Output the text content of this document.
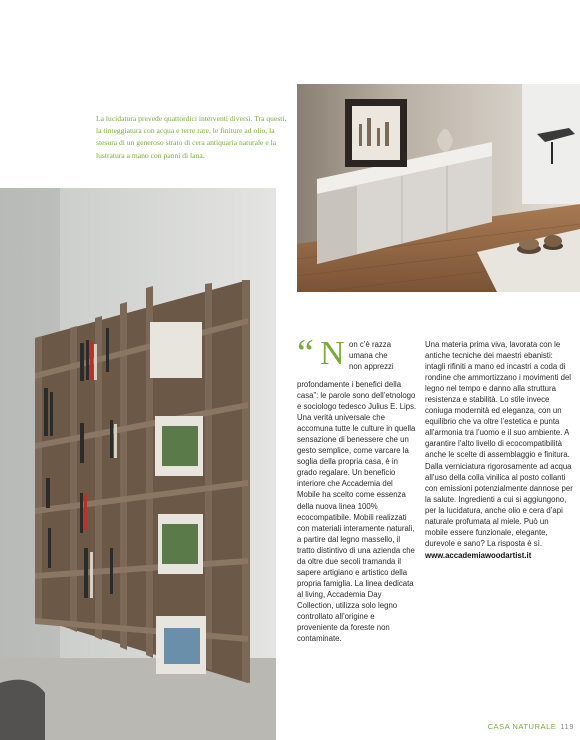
La lucidatura prevede quattordici interventi diversi. Tra questi, la tinteggiatura con acqua e terre rare, le finiture ad olio, la stesura di un generoso strato di cera antiquaria naturale e la lustratura a mano con panni di lana.

“ N on c’è razza
umana che
non apprezzi

profondamente i benefici della casa”: le parole sono dell’etnologo e sociologo tedesco Julius E. Lips. Una verità universale che accomuna tutte le culture in quella sensazione di benessere che un gesto semplice, come varcare la soglia della propria casa, è in grado regalare. Un beneficio interiore che Accademia del Mobile ha scelto come essenza della nuova linea 100% ecocompatibile. Mobili realizzati con materiali interamente naturali, a partire dal legno massello, il tratto distintivo di una azienda che da oltre due secoli tramanda il sapere artigiano e artistico della propria famiglia. La linea dedicata al living, Accademia Day Collection, utilizza solo legno controllato all’origine e proveniente da foreste non contaminate.

Una materia prima viva, lavorata con le antiche tecniche dei maestri ebanisti: intagli rifiniti a mano ed incastri a coda di rondine che ammortizzano i movimenti del legno nel tempo e danno alla struttura resistenza e stabilità. Lo stile invece coniuga modernità ed eleganza, con un equilibrio che va oltre l’estetica e punta all’armonia tra l’uomo e il suo ambiente. A garantire l’alto livello di ecocompatibilità anche le scelte di assemblaggio e finitura. Dalla verniciatura rigorosamente ad acqua all’uso della colla vinilica al posto collanti con emissioni potenzialmente dannose per la salute. Ingredienti a cui si aggiungono, per la lucidatura, anche olio e cera d’api naturale profumata al miele. Può un mobile essere funzionale, elegante, durevole e sano? La risposta è sì.

www.accademiawoodartist.it
CASA NATURALE 119
